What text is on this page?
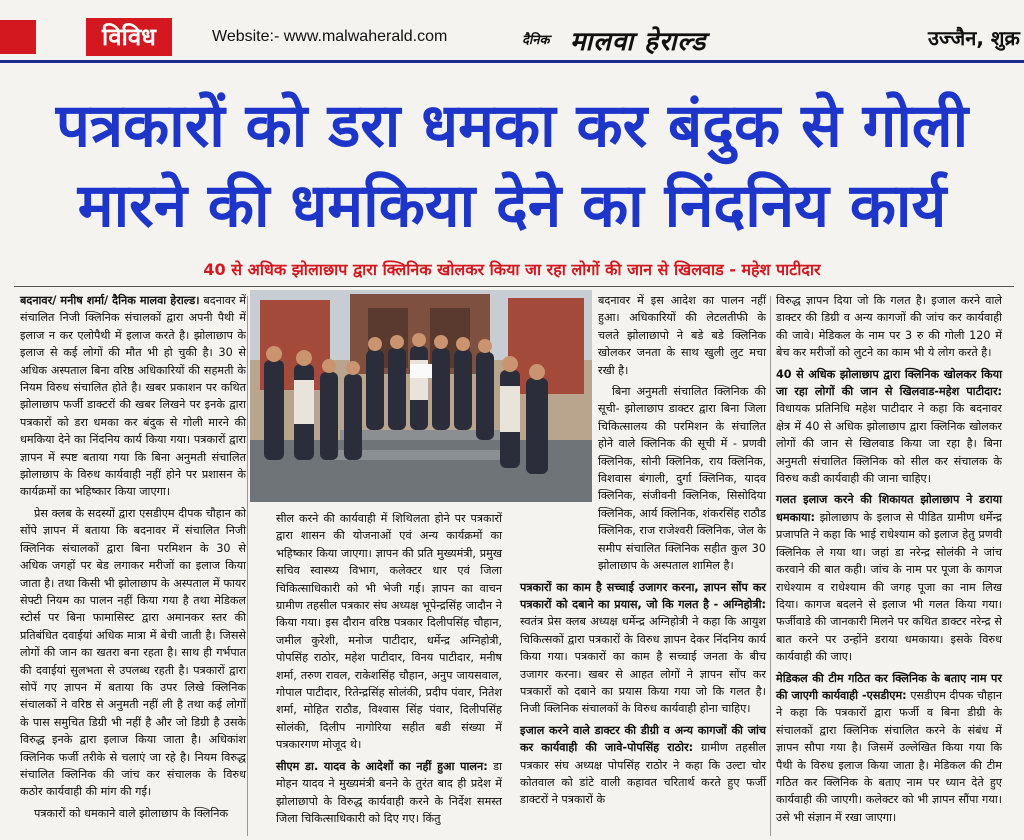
विविध	Website:- www.malwaherald.com	दैनिक मालवा हेराल्ड	उज्जैन, शुक्र
पत्रकारों को डरा धमका कर बंदुक से गोली
मारने की धमकिया देने का निंदनिय कार्य
40 से अधिक झोलाछाप द्वारा क्लिनिक खोलकर किया जा रहा लोगों की जान से खिलवाड - महेश पाटीदार

बदनावर/ मनीष शर्मा/ दैनिक मालवा हेराल्ड। बदनावर में संचालित निजी क्लिनिक संचालकों द्वारा अपनी पैथी में इलाज न कर एलोपैथी में इलाज करते है। झोलाछाप के इलाज से कई लोगों की मौत भी हो चुकी है। 30 से अधिक अस्पताल बिना वरिष्ठ अधिकारियों की सहमती के नियम विरुध संचालित होते है। खबर प्रकाशन पर कथित झोलाछाप फर्जी डाक्टरों की खबर लिखने पर इनके द्वारा पत्रकारों को डरा धमका कर बंदुक से गोली मारने की धमकिया देने का निंदनिय कार्य किया गया। पत्रकारों द्वारा ज्ञापन में स्पष्ट बताया गया कि बिना अनुमती संचालित झोलाछाप के विरुध कार्यवाही नहीं होने पर प्रशासन के कार्यक्रमों का भहिष्कार किया जाएगा।

प्रेस क्लब के सदस्यों द्वारा एसडीएम दीपक चौहान को सोंपे ज्ञापन में बताया कि बदनावर में संचालित निजी क्लिनिक संचालकों द्वारा बिना परमिशन के 30 से अधिक जगहों पर बेड लगाकर मरीजों का इलाज किया जाता है। तथा किसी भी झोलाछाप के अस्पताल में फायर सेफ्टी नियम का पालन नहीं किया गया है तथा मेडिकल स्टोर्स पर बिना फामासिस्ट द्वारा अमानकर स्तर की प्रतिबंधित दवाईयां अधिक मात्रा में बेची जाती है। जिससे लोगों की जान का खतरा बना रहता है। साथ ही गर्भपात की दवाईयां सुलभता से उपलब्ध रहती है। पत्रकारों द्वारा सोपें गए ज्ञापन में बताया कि उपर लिखे क्लिनिक संचालकों ने वरिष्ठ से अनुमती नहीं ली है तथा कई लोगों के पास समुचित डिग्री भी नहीं है और जो डिग्री है उसके विरुद्ध इनके द्वारा इलाज किया जाता है। अधिकांश क्लिनिक फर्जी तरीके से चलाएं जा रहे है। नियम विरुद्ध संचालित क्लिनिक की जांच कर संचालक के विरुध कठोर कार्यवाही की मांग की गई।

पत्रकारों को धमकाने वाले झोलाछाप के क्लिनिक

सील करने की कार्यवाही में शिथिलता होने पर पत्रकारों द्वारा शासन की योजनाओं एवं अन्य कार्यक्रमों का भहिष्कार किया जाएगा। ज्ञापन की प्रति मुख्यमंत्री, प्रमुख सचिव स्वास्थ्य विभाग, कलेक्टर धार एवं जिला चिकित्साधिकारी को भी भेजी गई। ज्ञापन का वाचन ग्रामीण तहसील पत्रकार संघ अध्यक्ष भूपेन्द्रसिंह जादौन ने किया गया। इस दौरान वरिष्ठ पत्रकार दिलीपसिंह चौहान, जमील कुरेशी, मनोज पाटीदार, धर्मेन्द्र अग्निहोत्री, पोपसिंह राठोर, महेश पाटीदार, विनय पाटीदार, मनीष शर्मा, तरुण रावल, राकेशसिंह चौहान, अनुप जायसवाल, गोपाल पाटीदार, रितेन्द्रसिंह सोलंकी, प्रदीप पंवार, नितेश शर्मा, मोहित राठौड, विश्वास सिंह पंवार, दिलीपसिंह सोलंकी, दिलीप नागोरिया सहीत बडी संख्या में पत्रकारगण मोजूद थे।

सीएम डा. यादव के आदेशों का नहीं हुआ पालन: डा मोहन यादव ने मुख्यमंत्री बनने के तुरंत बाद ही प्रदेश में झोलाछापो के विरुद्ध कार्यवाही करने के निर्देश समस्त जिला चिकित्साधिकारी को दिए गए। किंतु

बदनावर में इस आदेश का पालन नहीं हुआ। अधिकारियों की लेटलतीफी के चलते झोलाछापो ने बडे बडे क्लिनिक खोलकर जनता के साथ खुली लुट मचा रखी है।

बिना अनुमती संचालित क्लिनिक की सूची- झोलाछाप डाक्टर द्वारा बिना जिला चिकित्सालय की परमिशन के संचालित होने वाले क्लिनिक की सूची में - प्रणवी क्लिनिक, सोनी क्लिनिक, राय क्लिनिक, विशवास बंगाली, दुर्गा क्लिनिक, यादव क्लिनिक, संजीवनी क्लिनिक, सिसोदिया क्लिनिक, आर्य क्लिनिक, शंकरसिंह राठौड क्लिनिक, राज राजेश्वरी क्लिनिक, जेल के समीप संचालित क्लिनिक सहीत कुल 30 झोलाछाप के अस्पताल शामिल है।

पत्रकारों का काम है सच्चाई उजागर करना, ज्ञापन सोंप कर पत्रकारों को दबाने का प्रयास, जो कि गलत है - अग्निहोत्री: स्वतंत्र प्रेस क्लब अध्यक्ष धर्मेन्द्र अग्निहोत्री ने कहा कि आयुश चिकित्सकों द्वारा पत्रकारों के विरुध ज्ञापन देकर निंदनिय कार्य किया गया। पत्रकारों का काम है सच्चाई जनता के बीच उजागर करना। खबर से आहत लोगों ने ज्ञापन सोंप कर पत्रकारों को दबाने का प्रयास किया गया जो कि गलत है। निजी क्लिनिक संचालकों के विरुध कार्यवाही होना चाहिए।

इजाल करने वाले डाक्टर की डीग्री व अन्य कागजों की जांच कर कार्यवाही की जावे-पोपसिंह राठोर: ग्रामीण तहसील पत्रकार संघ अध्यक्ष पोपसिंह राठोर ने कहा कि उल्टा चोर कोतवाल को डांटे वाली कहावत चरितार्थ करते हुए फर्जी डाक्टरों ने पत्रकारों के

विरुद्ध ज्ञापन दिया जो कि गलत है। इजाल करने वाले डाक्टर की डिग्री व अन्य कागजों की जांच कर कार्यवाही की जावे। मेडिकल के नाम पर 3 रु की गोली 120 में बेच कर मरीजों को लुटने का काम भी ये लोग करते है।

40 से अधिक झोलाछाप द्वारा क्लिनिक खोलकर किया जा रहा लोगों की जान से खिलवाड-महेश पाटीदार: विधायक प्रतिनिधि महेश पाटीदार ने कहा कि बदनावर क्षेत्र में 40 से अधिक झोलाछाप द्वारा क्लिनिक खोलकर लोगों की जान से खिलवाड किया जा रहा है। बिना अनुमती संचालित क्लिनिक को सील कर संचालक के विरुध कडी कार्यवाही की जाना चाहिए।

गलत इलाज करने की शिकायत झोलाछाप ने डराया धमकाया: झोलाछाप के इलाज से पीडित ग्रामीण धर्मेन्द्र प्रजापति ने कहा कि भाई राधेश्याम को इलाज हेतु प्रणवी क्लिनिक ले गया था। जहां डा नरेन्द्र सोलंकी ने जांच करवाने की बात कही। जांच के नाम पर पूजा के कागज राधेश्याम व राधेश्याम की जगह पूजा का नाम लिख दिया। कागज बदलने से इलाज भी गलत किया गया। फर्जीवाडे की जानकारी मिलने पर कथित डाक्टर नरेन्द्र से बात करने पर उन्होंने डराया धमकाया। इसके विरुध कार्यवाही की जाए।

मेडिकल की टीम गठित कर क्लिनिक के बताए नाम पर की जाएगी कार्यवाही -एसडीएम: एसडीएम दीपक चौहान ने कहा कि पत्रकारों द्वारा फर्जी व बिना डीग्री के संचालकों द्वारा क्लिनिक संचालित करने के संबंध में ज्ञापन सौपा गया है। जिसमें उल्लेखित किया गया कि पैथी के विरुध इलाज किया जाता है। मेडिकल की टीम गठित कर क्लिनिक के बताए नाम पर ध्यान देते हुए कार्यवाही की जाएगी। कलेक्टर को भी ज्ञापन सौंपा गया। उसे भी संज्ञान में रखा जाएगा।
